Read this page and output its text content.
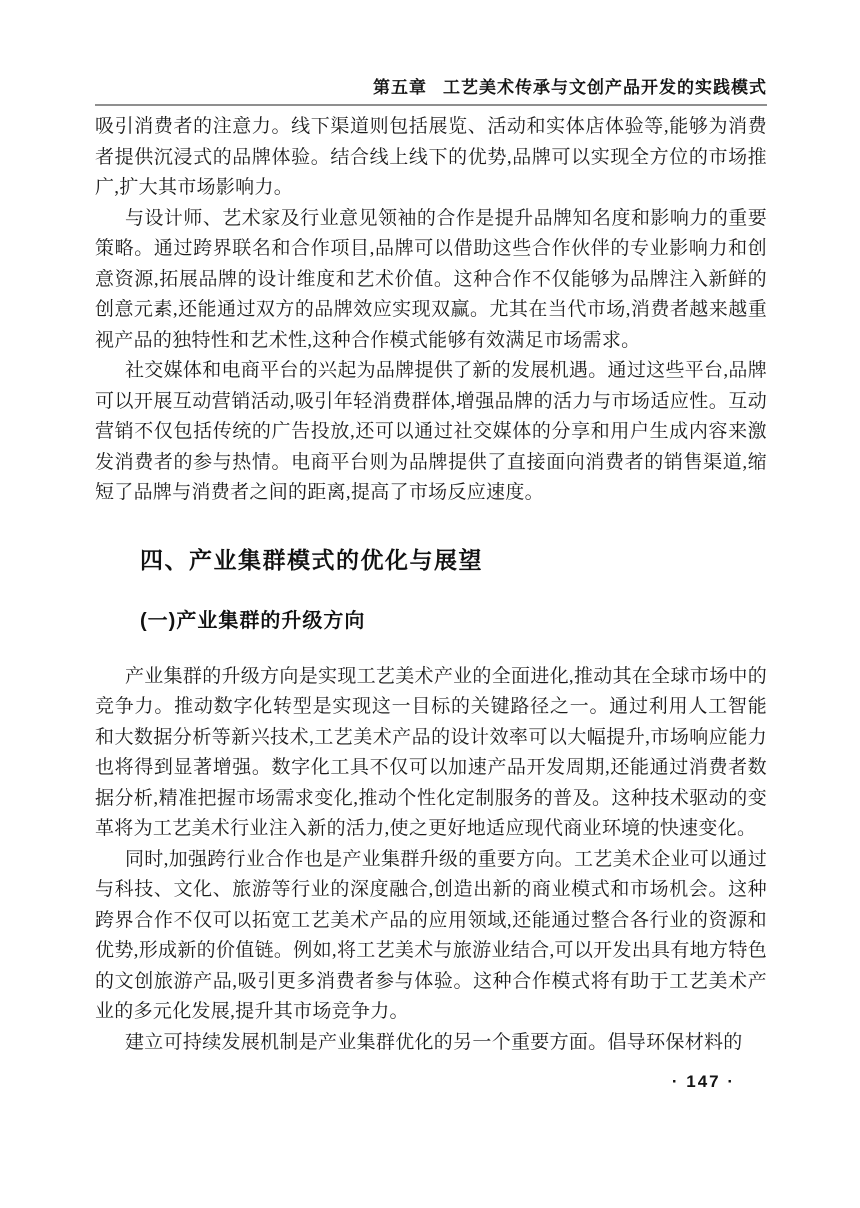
第五章 工艺美术传承与文创产品开发的实践模式

吸引消费者的注意力。线下渠道则包括展览、活动和实体店体验等,能够为消费者提供沉浸式的品牌体验。结合线上线下的优势,品牌可以实现全方位的市场推广,扩大其市场影响力。

与设计师、艺术家及行业意见领袖的合作是提升品牌知名度和影响力的重要策略。通过跨界联名和合作项目,品牌可以借助这些合作伙伴的专业影响力和创意资源,拓展品牌的设计维度和艺术价值。这种合作不仅能够为品牌注入新鲜的创意元素,还能通过双方的品牌效应实现双赢。尤其在当代市场,消费者越来越重视产品的独特性和艺术性,这种合作模式能够有效满足市场需求。

社交媒体和电商平台的兴起为品牌提供了新的发展机遇。通过这些平台,品牌可以开展互动营销活动,吸引年轻消费群体,增强品牌的活力与市场适应性。互动营销不仅包括传统的广告投放,还可以通过社交媒体的分享和用户生成内容来激发消费者的参与热情。电商平台则为品牌提供了直接面向消费者的销售渠道,缩短了品牌与消费者之间的距离,提高了市场反应速度。

四、产业集群模式的优化与展望
(一)产业集群的升级方向

产业集群的升级方向是实现工艺美术产业的全面进化,推动其在全球市场中的竞争力。推动数字化转型是实现这一目标的关键路径之一。通过利用人工智能和大数据分析等新兴技术,工艺美术产品的设计效率可以大幅提升,市场响应能力也将得到显著增强。数字化工具不仅可以加速产品开发周期,还能通过消费者数据分析,精准把握市场需求变化,推动个性化定制服务的普及。这种技术驱动的变革将为工艺美术行业注入新的活力,使之更好地适应现代商业环境的快速变化。

同时,加强跨行业合作也是产业集群升级的重要方向。工艺美术企业可以通过与科技、文化、旅游等行业的深度融合,创造出新的商业模式和市场机会。这种跨界合作不仅可以拓宽工艺美术产品的应用领域,还能通过整合各行业的资源和优势,形成新的价值链。例如,将工艺美术与旅游业结合,可以开发出具有地方特色的文创旅游产品,吸引更多消费者参与体验。这种合作模式将有助于工艺美术产业的多元化发展,提升其市场竞争力。

建立可持续发展机制是产业集群优化的另一个重要方面。倡导环保材料的

· 147 ·
